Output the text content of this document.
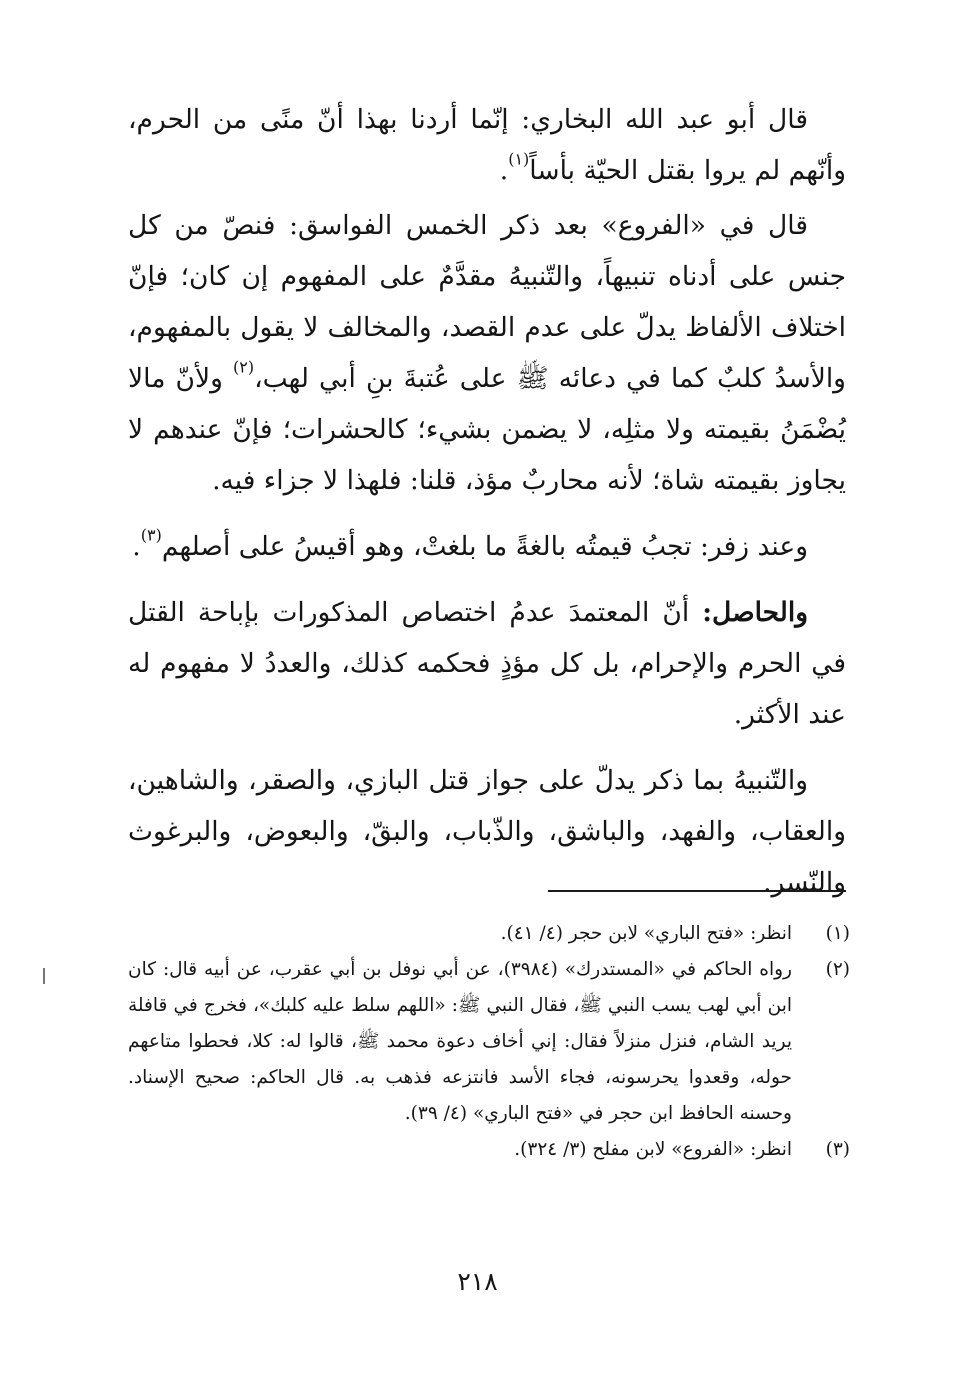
قال أبو عبد الله البخاري: إنّما أردنا بهذا أنّ منًى من الحرم، وأنّهم لم يروا بقتل الحيّة بأساً$^{(١)}$.

قال في «الفروع» بعد ذكر الخمس الفواسق: فنصّ من كل جنس على أدناه تنبيهاً، والتّنبيهُ مقدَّمٌ على المفهوم إن كان؛ فإنّ اختلاف الألفاظ يدلّ على عدم القصد، والمخالف لا يقول بالمفهوم، والأسدُ كلبٌ كما في دعائه ﷺ على عُتبةَ بنِ أبي لهب،$^{(٢)}$ ولأنّ مالا يُضْمَنُ بقيمته ولا مثلِه، لا يضمن بشيء؛ كالحشرات؛ فإنّ عندهم لا يجاوز بقيمته شاة؛ لأنه محاربٌ مؤذ، قلنا: فلهذا لا جزاء فيه.

وعند زفر: تجبُ قيمتُه بالغةً ما بلغتْ، وهو أقيسُ على أصلهم$^{(٣)}$.

والحاصل: أنّ المعتمدَ عدمُ اختصاص المذكورات بإباحة القتل في الحرم والإحرام، بل كل مؤذٍ فحكمه كذلك، والعددُ لا مفهوم له عند الأكثر.

والتّنبيهُ بما ذكر يدلّ على جواز قتل البازي، والصقر، والشاهين، والعقاب، والفهد، والباشق، والذّباب، والبقّ، والبعوض، والبرغوث والنّسر.

(١)
انظر: «فتح الباري» لابن حجر (٤/ ٤١).
(٢)
رواه الحاكم في «المستدرك» (٣٩٨٤)، عن أبي نوفل بن أبي عقرب، عن أبيه قال: كان ابن أبي لهب يسب النبي ﷺ، فقال النبي ﷺ: «اللهم سلط عليه كلبك»، فخرج في قافلة يريد الشام، فنزل منزلاً فقال: إني أخاف دعوة محمد ﷺ، قالوا له: كلا، فحطوا متاعهم حوله، وقعدوا يحرسونه، فجاء الأسد فانتزعه فذهب به. قال الحاكم: صحيح الإسناد. وحسنه الحافظ ابن حجر في «فتح الباري» (٤/ ٣٩).
(٣)
انظر: «الفروع» لابن مفلح (٣/ ٣٢٤).
٢١٨
